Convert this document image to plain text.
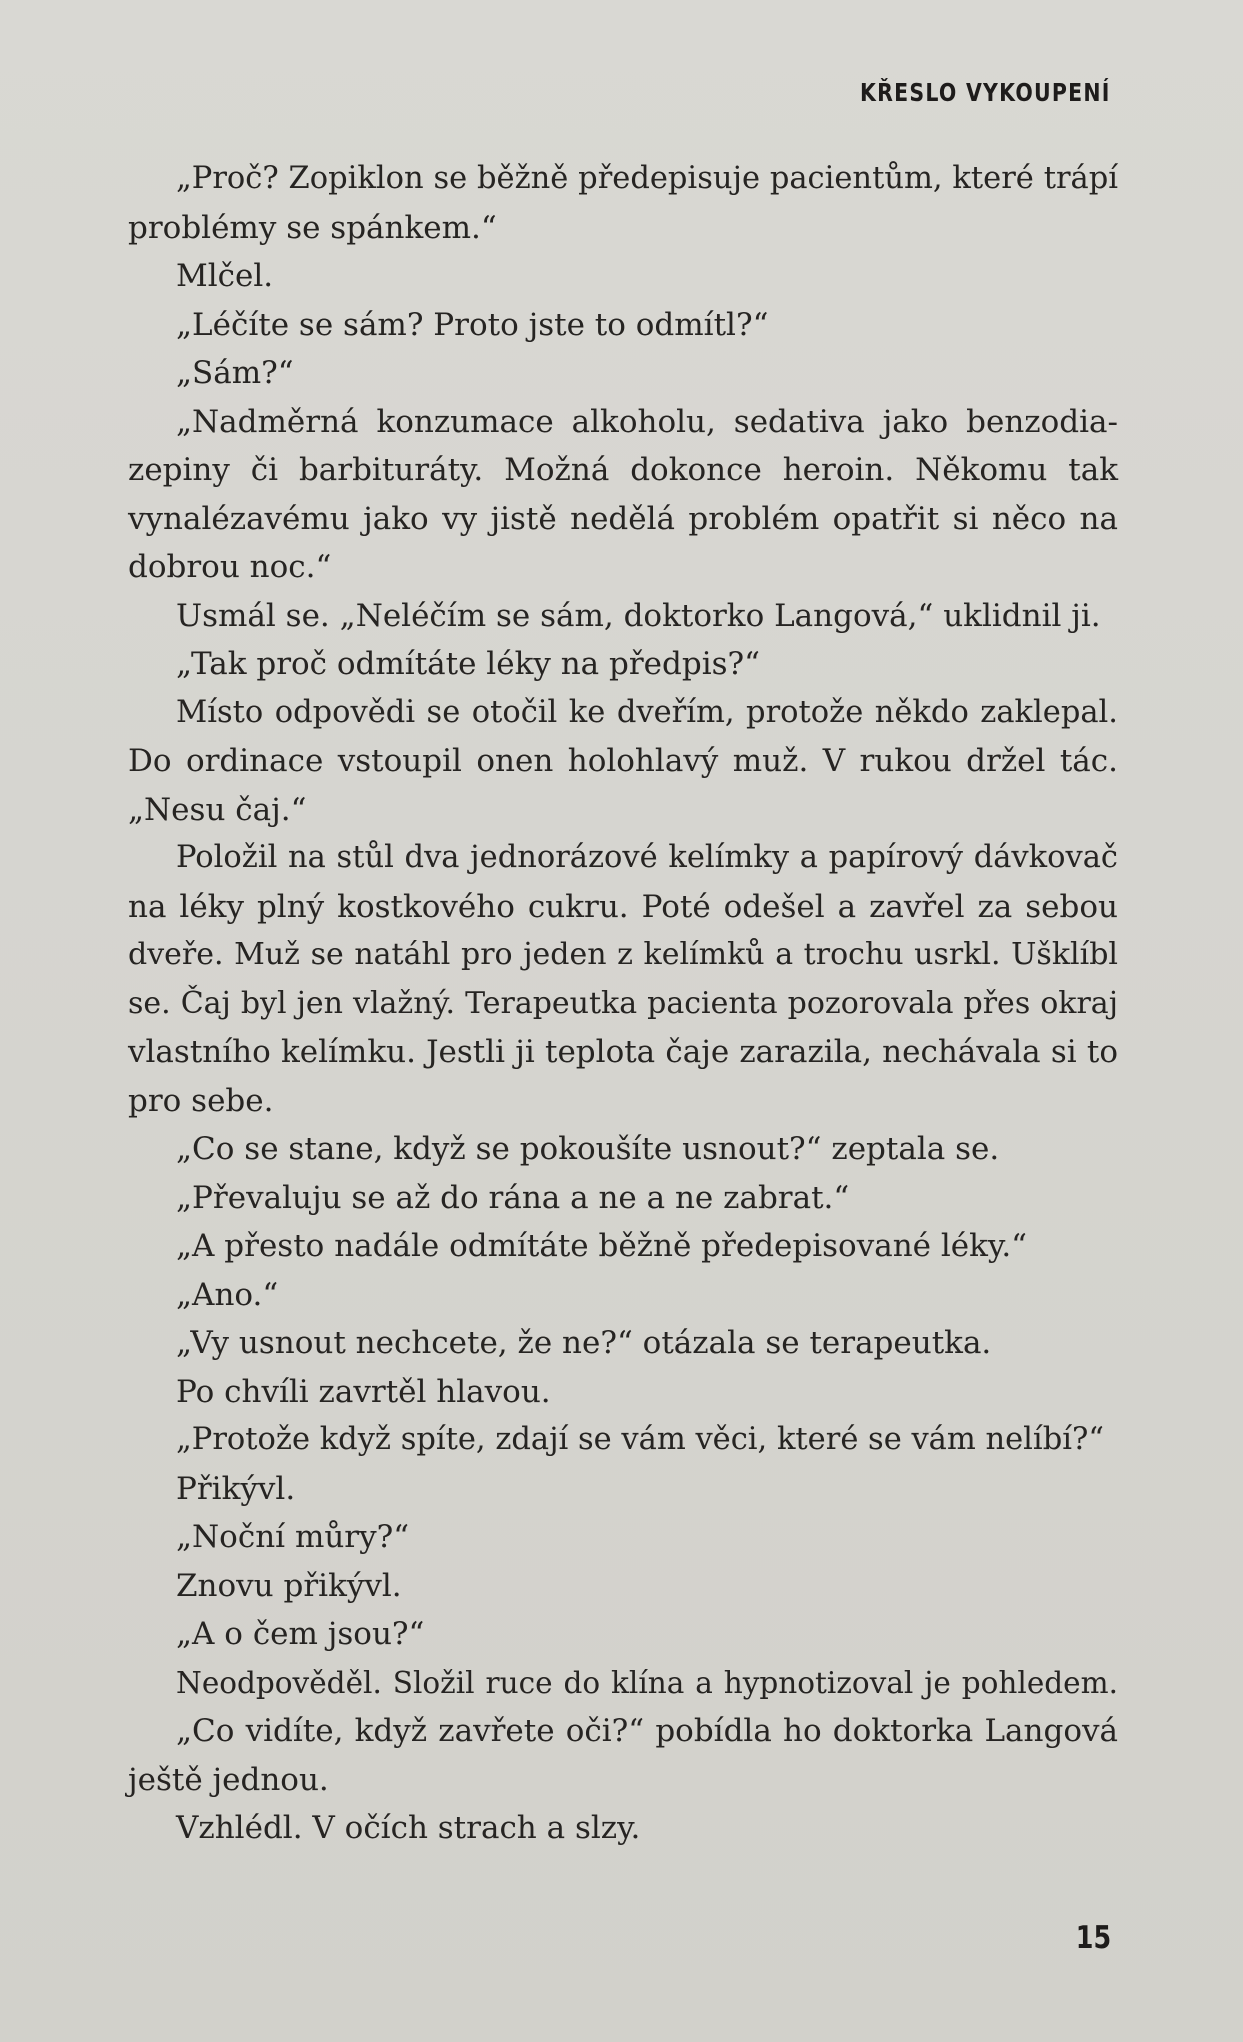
KŘESLO VYKOUPENÍ
„Proč? Zopiklon se běžně předepisuje pacientům, které trápí
problémy se spánkem.“
Mlčel.
„Léčíte se sám? Proto jste to odmítl?“
„Sám?“
„Nadměrná konzumace alkoholu, sedativa jako benzodia-
zepiny či barbituráty. Možná dokonce heroin. Někomu tak
vynalézavému jako vy jistě nedělá problém opatřit si něco na
dobrou noc.“
Usmál se. „Neléčím se sám, doktorko Langová,“ uklidnil ji.
„Tak proč odmítáte léky na předpis?“
Místo odpovědi se otočil ke dveřím, protože někdo zaklepal.
Do ordinace vstoupil onen holohlavý muž. V rukou držel tác.
„Nesu čaj.“
Položil na stůl dva jednorázové kelímky a papírový dávkovač
na léky plný kostkového cukru. Poté odešel a zavřel za sebou
dveře. Muž se natáhl pro jeden z kelímků a trochu usrkl. Ušklíbl
se. Čaj byl jen vlažný. Terapeutka pacienta pozorovala přes okraj
vlastního kelímku. Jestli ji teplota čaje zarazila, nechávala si to
pro sebe.
„Co se stane, když se pokoušíte usnout?“ zeptala se.
„Převaluju se až do rána a ne a ne zabrat.“
„A přesto nadále odmítáte běžně předepisované léky.“
„Ano.“
„Vy usnout nechcete, že ne?“ otázala se terapeutka.
Po chvíli zavrtěl hlavou.
„Protože když spíte, zdají se vám věci, které se vám nelíbí?“
Přikývl.
„Noční můry?“
Znovu přikývl.
„A o čem jsou?“
Neodpověděl. Složil ruce do klína a hypnotizoval je pohledem.
„Co vidíte, když zavřete oči?“ pobídla ho doktorka Langová
ještě jednou.
Vzhlédl. V očích strach a slzy.
15
